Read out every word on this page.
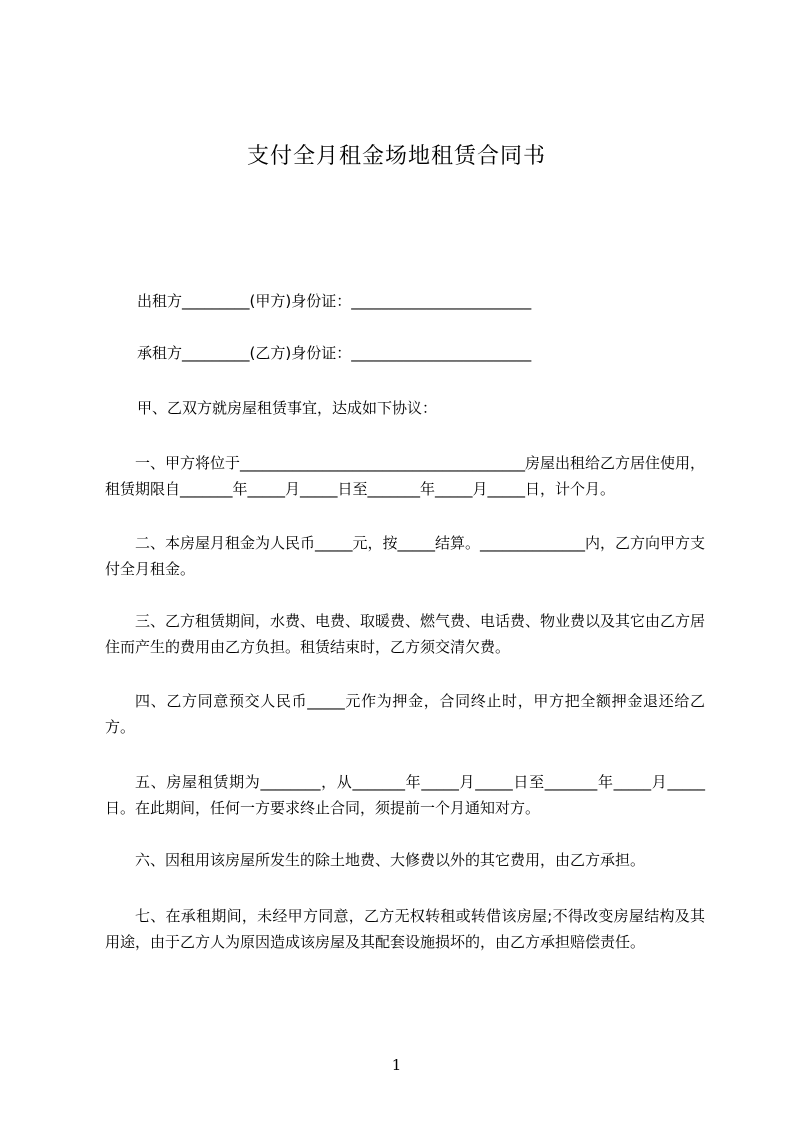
支付全月租金场地租赁合同书
出租方_________(甲方)身份证：________________________
承租方_________(乙方)身份证：________________________
甲、乙双方就房屋租赁事宜，达成如下协议：
一、甲方将位于______________________________________房屋出租给乙方居住使用，租赁期限自_______年_____月_____日至_______年_____月_____日，计个月。
二、本房屋月租金为人民币_____元，按_____结算。______________内，乙方向甲方支付全月租金。
三、乙方租赁期间，水费、电费、取暖费、燃气费、电话费、物业费以及其它由乙方居住而产生的费用由乙方负担。租赁结束时，乙方须交清欠费。
四、乙方同意预交人民币_____元作为押金，合同终止时，甲方把全额押金退还给乙方。
五、房屋租赁期为________，从_______年_____月_____日至_______年_____月_____日。在此期间，任何一方要求终止合同，须提前一个月通知对方。
六、因租用该房屋所发生的除土地费、大修费以外的其它费用，由乙方承担。
七、在承租期间，未经甲方同意，乙方无权转租或转借该房屋;不得改变房屋结构及其用途，由于乙方人为原因造成该房屋及其配套设施损坏的，由乙方承担赔偿责任。
1
